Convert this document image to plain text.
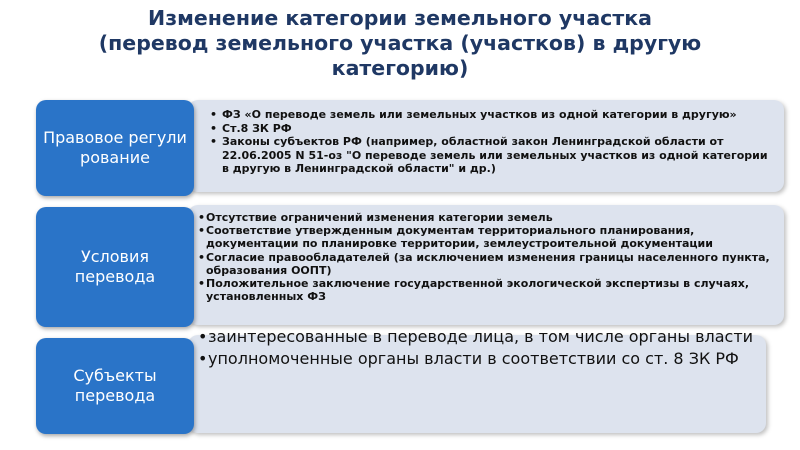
Изменение категории земельного участка
(перевод земельного участка (участков) в другую
категорию)
Правовое регулирование
• ФЗ «О переводе земель или земельных участков из одной категории в другую»
• Ст.8 ЗК РФ
• Законы субъектов РФ (например, областной закон Ленинградской области от 22.06.2005 N 51-оз "О переводе земель или земельных участков из одной категории в другую в Ленинградской области" и др.)
Условия перевода
• Отсутствие ограничений изменения категории земель
• Соответствие утвержденным документам территориального планирования, документации по планировке территории, землеустроительной документации
• Согласие правообладателей (за исключением изменения границы населенного пункта, образования ООПТ)
• Положительное заключение государственной экологической экспертизы в случаях, установленных ФЗ
Субъекты перевода
• заинтересованные в переводе лица, в том числе органы власти
• уполномоченные органы власти в соответствии со ст. 8 ЗК РФ
